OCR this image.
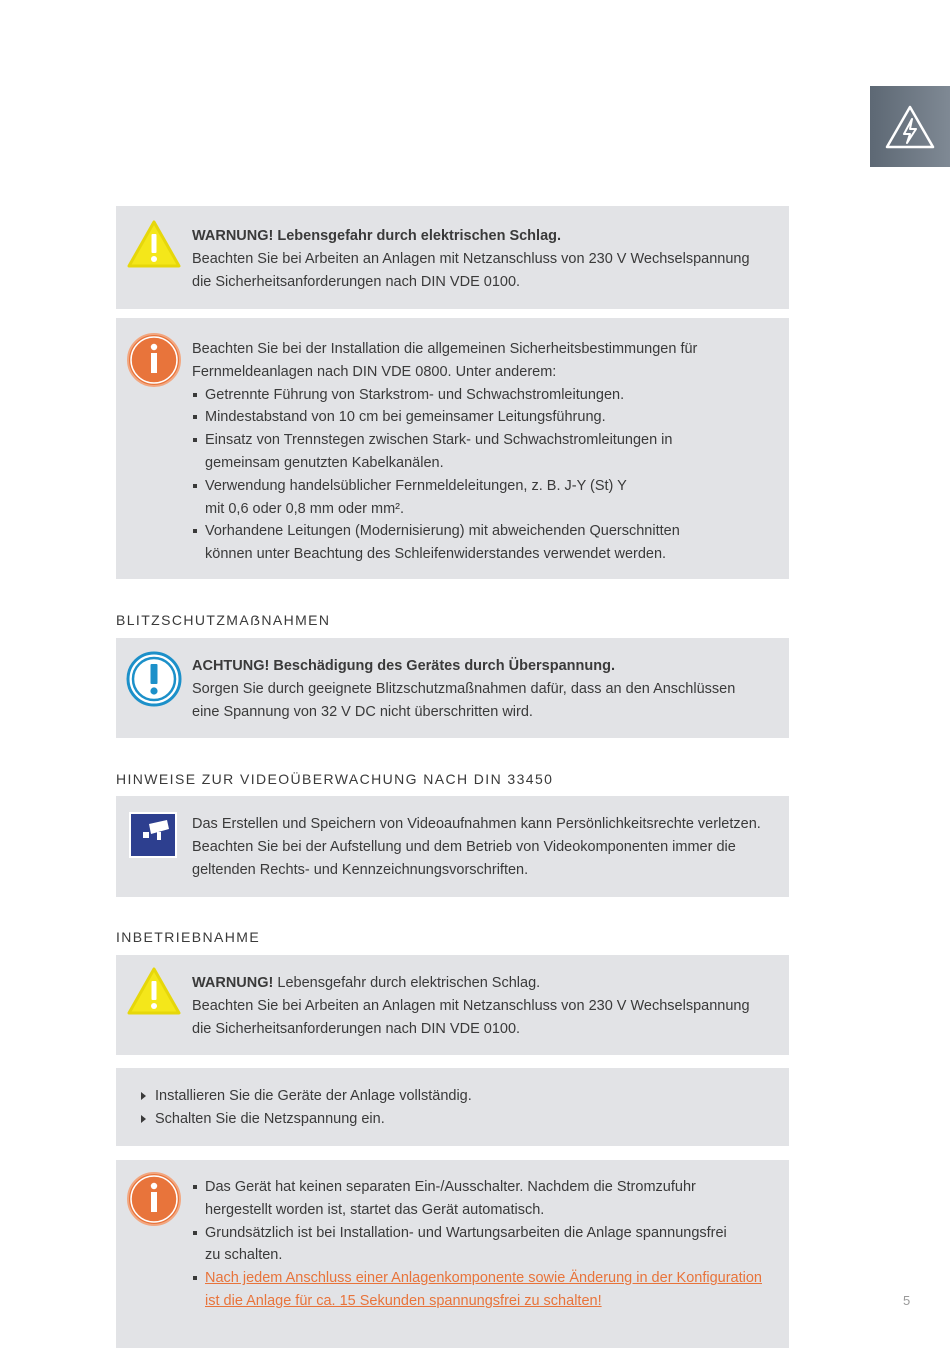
WARNUNG! Lebensgefahr durch elektrischen Schlag.

Beachten Sie bei Arbeiten an Anlagen mit Netzanschluss von 230 V Wechselspannung

die Sicherheitsanforderungen nach DIN VDE 0100.

Beachten Sie bei der Installation die allgemeinen Sicherheitsbestimmungen für

Fernmeldeanlagen nach DIN VDE 0800. Unter anderem:

Getrennte Führung von Starkstrom- und Schwachstromleitungen.
Mindestabstand von 10 cm bei gemeinsamer Leitungsführung.
Einsatz von Trennstegen zwischen Stark- und Schwachstromleitungen in gemeinsam genutzten Kabelkanälen.
Verwendung handelsüblicher Fernmeldeleitungen, z. B. J-Y (St) Y mit 0,6 oder 0,8 mm oder mm².
Vorhandene Leitungen (Modernisierung) mit abweichenden Querschnitten können unter Beachtung des Schleifenwiderstandes verwendet werden.
BLITZSCHUTZMAẞNAHMEN

ACHTUNG! Beschädigung des Gerätes durch Überspannung.

Sorgen Sie durch geeignete Blitzschutzmaßnahmen dafür, dass an den Anschlüssen

eine Spannung von 32 V DC nicht überschritten wird.

HINWEISE ZUR VIDEOÜBERWACHUNG NACH DIN 33450

Das Erstellen und Speichern von Videoaufnahmen kann Persönlichkeitsrechte verletzen.

Beachten Sie bei der Aufstellung und dem Betrieb von Videokomponenten immer die

geltenden Rechts- und Kennzeichnungsvorschriften.

INBETRIEBNAHME

WARNUNG! Lebensgefahr durch elektrischen Schlag.

Beachten Sie bei Arbeiten an Anlagen mit Netzanschluss von 230 V Wechselspannung

die Sicherheitsanforderungen nach DIN VDE 0100.

Installieren Sie die Geräte der Anlage vollständig.
Schalten Sie die Netzspannung ein.
Das Gerät hat keinen separaten Ein-/Ausschalter. Nachdem die Stromzufuhr hergestellt worden ist, startet das Gerät automatisch.
Grundsätzlich ist bei Installation- und Wartungsarbeiten die Anlage spannungsfrei zu schalten.
Nach jedem Anschluss einer Anlagenkomponente sowie Änderung in der Konfiguration ist die Anlage für ca. 15 Sekunden spannungsfrei zu schalten!	5
